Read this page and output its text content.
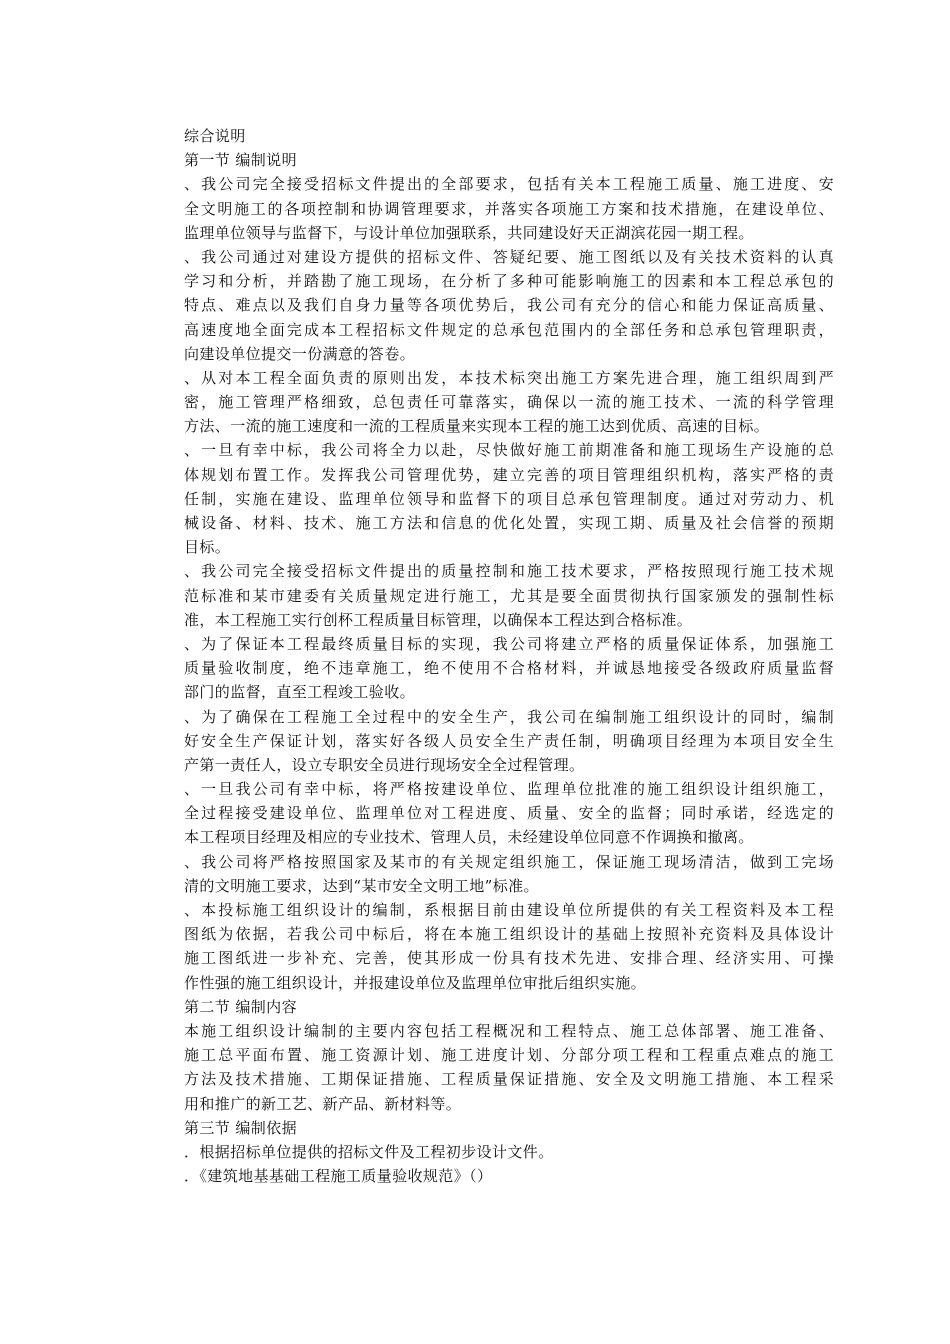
综合说明
第一节 编制说明
、我公司完全接受招标文件提出的全部要求，包括有关本工程施工质量、施工进度、安
全文明施工的各项控制和协调管理要求，并落实各项施工方案和技术措施，在建设单位、
监理单位领导与监督下，与设计单位加强联系，共同建设好天正湖滨花园一期工程。
、我公司通过对建设方提供的招标文件、答疑纪要、施工图纸以及有关技术资料的认真
学习和分析，并踏勘了施工现场，在分析了多种可能影响施工的因素和本工程总承包的
特点、难点以及我们自身力量等各项优势后，我公司有充分的信心和能力保证高质量、
高速度地全面完成本工程招标文件规定的总承包范围内的全部任务和总承包管理职责，
向建设单位提交一份满意的答卷。
、从对本工程全面负责的原则出发，本技术标突出施工方案先进合理，施工组织周到严
密，施工管理严格细致，总包责任可靠落实，确保以一流的施工技术、一流的科学管理
方法、一流的施工速度和一流的工程质量来实现本工程的施工达到优质、高速的目标。
、一旦有幸中标，我公司将全力以赴，尽快做好施工前期准备和施工现场生产设施的总
体规划布置工作。发挥我公司管理优势，建立完善的项目管理组织机构，落实严格的责
任制，实施在建设、监理单位领导和监督下的项目总承包管理制度。通过对劳动力、机
械设备、材料、技术、施工方法和信息的优化处置，实现工期、质量及社会信誉的预期
目标。
、我公司完全接受招标文件提出的质量控制和施工技术要求，严格按照现行施工技术规
范标准和某市建委有关质量规定进行施工，尤其是要全面贯彻执行国家颁发的强制性标
准，本工程施工实行创杯工程质量目标管理，以确保本工程达到合格标准。
、为了保证本工程最终质量目标的实现，我公司将建立严格的质量保证体系，加强施工
质量验收制度，绝不违章施工，绝不使用不合格材料，并诚恳地接受各级政府质量监督
部门的监督，直至工程竣工验收。
、为了确保在工程施工全过程中的安全生产，我公司在编制施工组织设计的同时，编制
好安全生产保证计划，落实好各级人员安全生产责任制，明确项目经理为本项目安全生
产第一责任人，设立专职安全员进行现场安全全过程管理。
、一旦我公司有幸中标，将严格按建设单位、监理单位批准的施工组织设计组织施工，
全过程接受建设单位、监理单位对工程进度、质量、安全的监督；同时承诺，经选定的
本工程项目经理及相应的专业技术、管理人员，未经建设单位同意不作调换和撤离。
、我公司将严格按照国家及某市的有关规定组织施工，保证施工现场清洁，做到工完场
清的文明施工要求，达到“某市安全文明工地”标准。
、本投标施工组织设计的编制，系根据目前由建设单位所提供的有关工程资料及本工程
图纸为依据，若我公司中标后，将在本施工组织设计的基础上按照补充资料及具体设计
施工图纸进一步补充、完善，使其形成一份具有技术先进、安排合理、经济实用、可操
作性强的施工组织设计，并报建设单位及监理单位审批后组织实施。
第二节 编制内容
本施工组织设计编制的主要内容包括工程概况和工程特点、施工总体部署、施工准备、
施工总平面布置、施工资源计划、施工进度计划、分部分项工程和工程重点难点的施工
方法及技术措施、工期保证措施、工程质量保证措施、安全及文明施工措施、本工程采
用和推广的新工艺、新产品、新材料等。
第三节 编制依据
．根据招标单位提供的招标文件及工程初步设计文件。
．《建筑地基基础工程施工质量验收规范》（）
